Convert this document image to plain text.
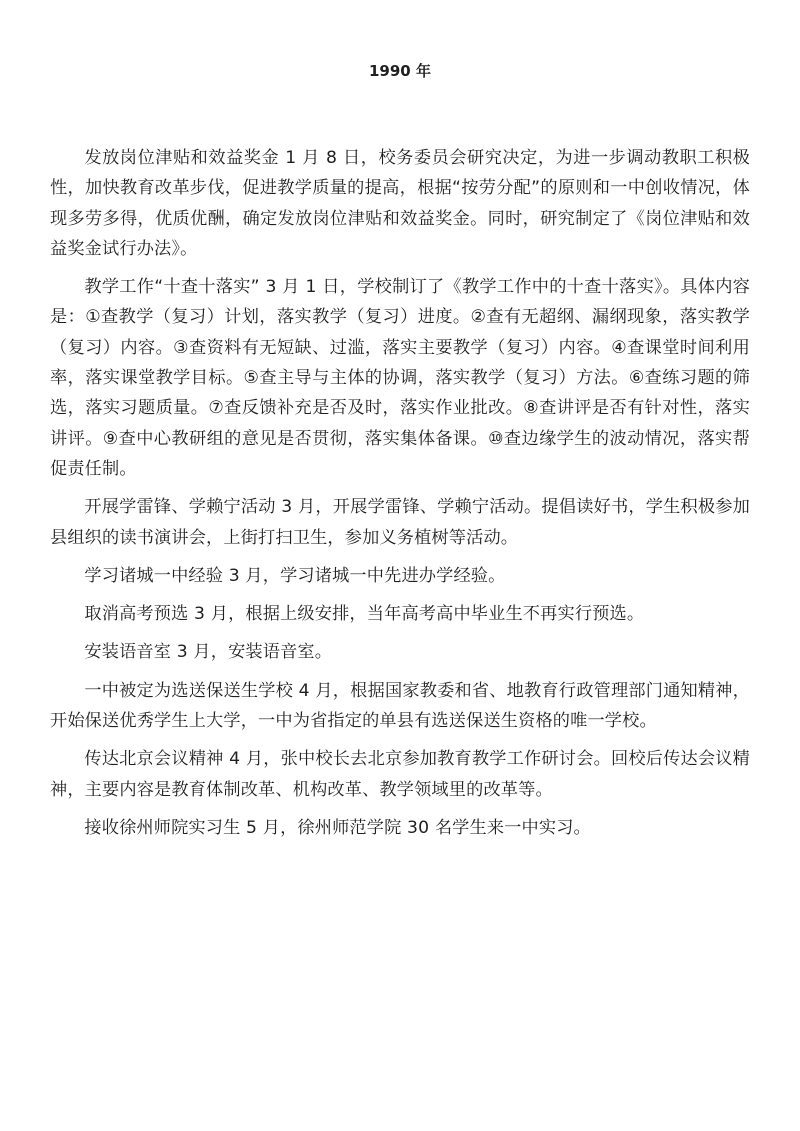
1990 年

发放岗位津贴和效益奖金 1 月 8 日，校务委员会研究决定，为进一步调动教职工积极性，加快教育改革步伐，促进教学质量的提高，根据“按劳分配”的原则和一中创收情况，体现多劳多得，优质优酬，确定发放岗位津贴和效益奖金。同时，研究制定了《岗位津贴和效益奖金试行办法》。

教学工作“十查十落实” 3 月 1 日，学校制订了《教学工作中的十查十落实》。具体内容是：①查教学（复习）计划，落实教学（复习）进度。②查有无超纲、漏纲现象，落实教学（复习）内容。③查资料有无短缺、过滥，落实主要教学（复习）内容。④查课堂时间利用率，落实课堂教学目标。⑤查主导与主体的协调，落实教学（复习）方法。⑥查练习题的筛选，落实习题质量。⑦查反馈补充是否及时，落实作业批改。⑧查讲评是否有针对性，落实讲评。⑨查中心教研组的意见是否贯彻，落实集体备课。⑩查边缘学生的波动情况，落实帮促责任制。

开展学雷锋、学赖宁活动 3 月，开展学雷锋、学赖宁活动。提倡读好书，学生积极参加县组织的读书演讲会，上街打扫卫生，参加义务植树等活动。

学习诸城一中经验 3 月，学习诸城一中先进办学经验。

取消高考预选 3 月，根据上级安排，当年高考高中毕业生不再实行预选。

安装语音室 3 月，安装语音室。

一中被定为选送保送生学校 4 月，根据国家教委和省、地教育行政管理部门通知精神，开始保送优秀学生上大学，一中为省指定的单县有选送保送生资格的唯一学校。

传达北京会议精神 4 月，张中校长去北京参加教育教学工作研讨会。回校后传达会议精神，主要内容是教育体制改革、机构改革、教学领域里的改革等。

接收徐州师院实习生 5 月，徐州师范学院 30 名学生来一中实习。
